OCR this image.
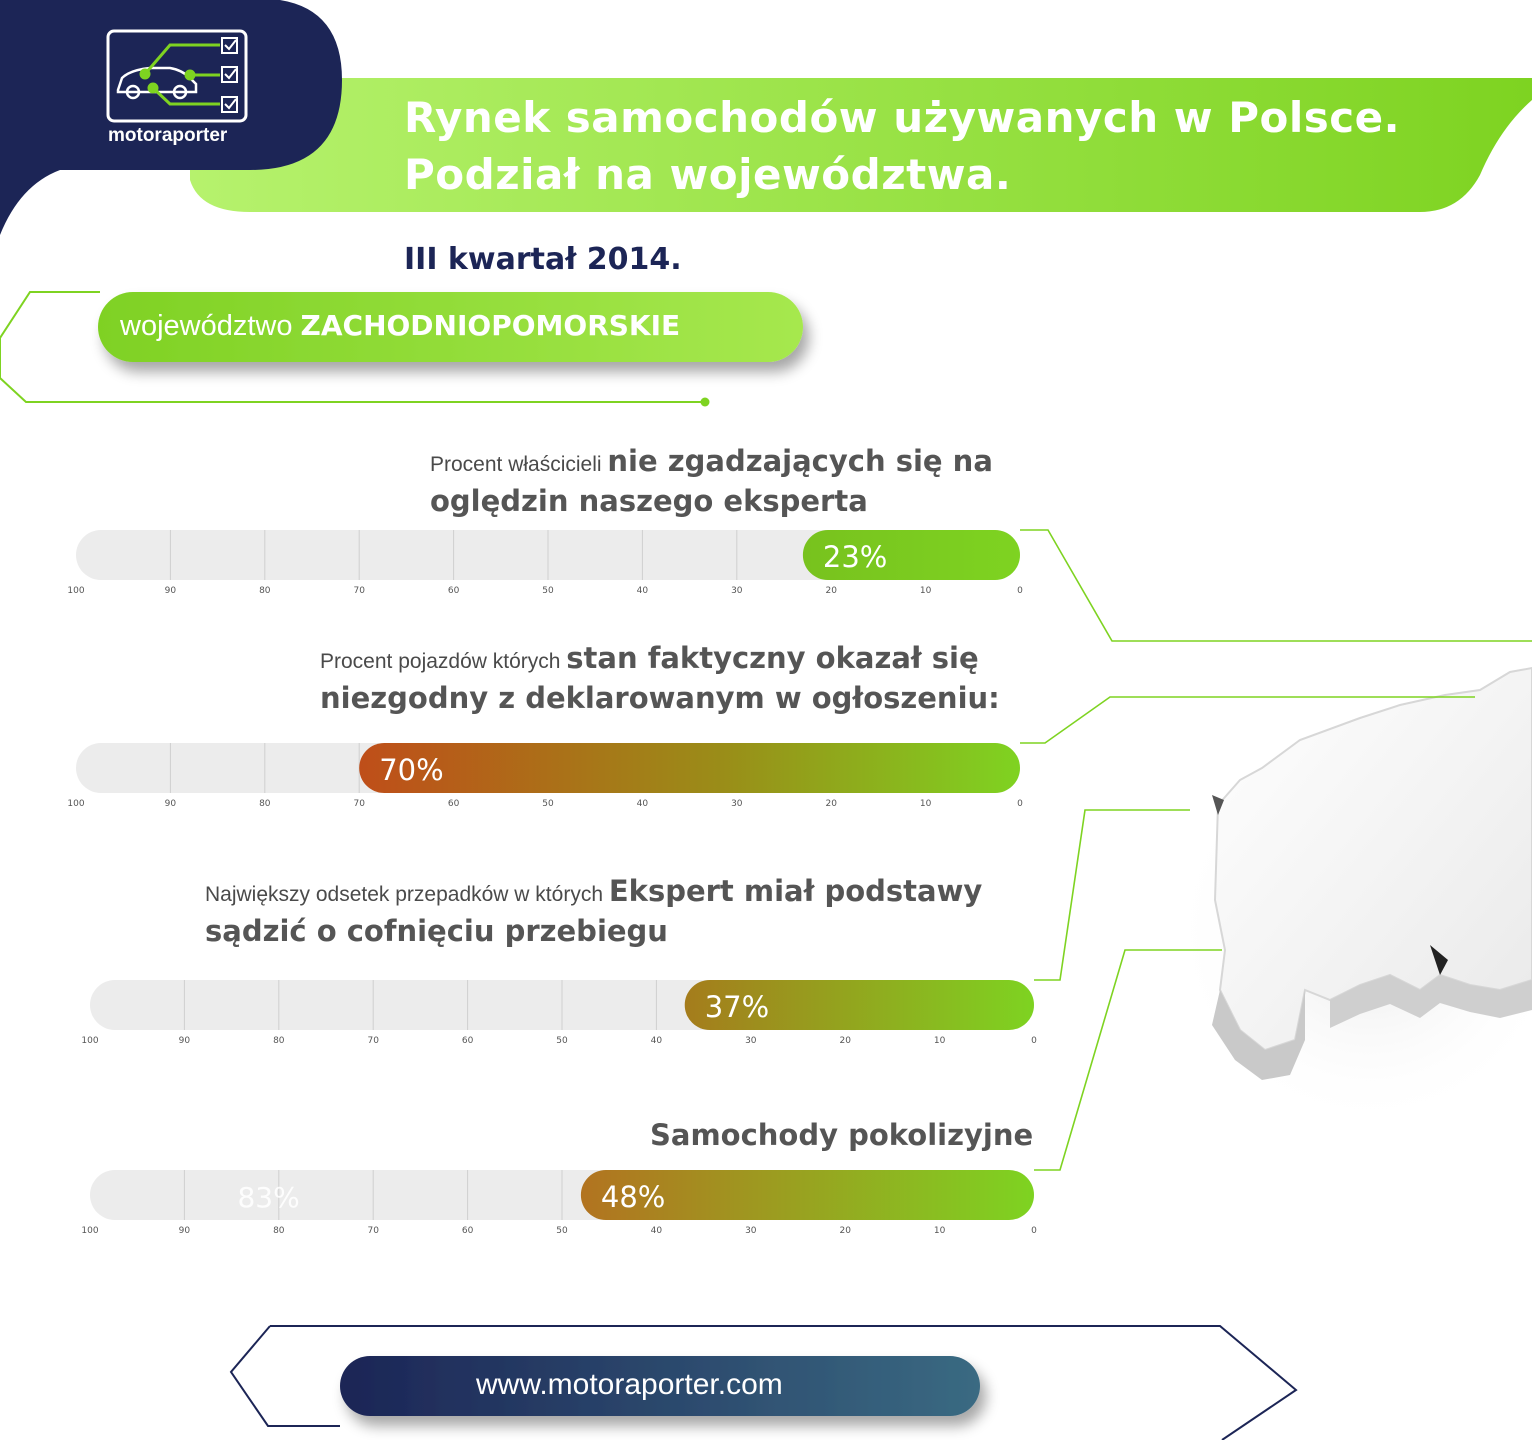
23%
100	90	80	70	60	50	40	30	20	10	0
70%
100	90	80	70	60	50	40	30	20	10	0
37%
100	90	80	70	60	50	40	30	20	10	0
83%	48%
100	90	80	70	60	50	40	30	20	10	0
motoraporter	Rynek samochodów używanych w Polsce.
Podział na województwa.
III kwartał 2014.
województwo ZACHODNIOPOMORSKIE
Procent właścicieli nie zgadzających się na
oględzin naszego eksperta
Procent pojazdów których stan faktyczny okazał się
niezgodny z deklarowanym w ogłoszeniu:
Największy odsetek przepadków w których Ekspert miał podstawy
sądzić o cofnięciu przebiegu
Samochody pokolizyjne
www.motoraporter.com
